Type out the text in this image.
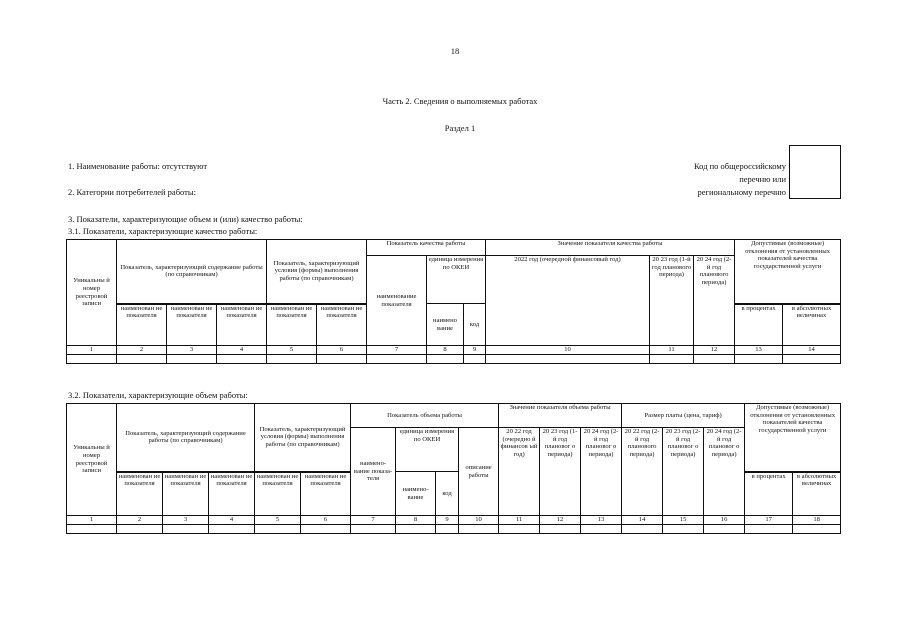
18
Часть 2. Сведения о выполняемых работах
Раздел 1
1. Наименование работы: отсутствуют
2. Категории потребителей работы:
Код по общероссийскому
перечню или
региональному перечню
3. Показатели, характеризующие объем и (или) качество работы:
3.1. Показатели, характеризующие качество работы:
Уникальны й номер реестровой записи	Показатель, характеризующий содержание работы (по справочникам)			Показатель, характеризующий условия (формы) выполнения работы (по справочникам)		Показатель качества работы			Значение показателя качества работы			Допустимые (возможные) отклонения от установленных показателей качества государственной услуги	
						наименование показателя	единица измерения по ОКЕИ		2022 год (очередной финансовый год)	20 23 год (1-й год планового периода)	20 24 год (2-й год планового периода)		
	наименован ие показателя	наименован ие показателя	наименован ие показателя	наименован ие показателя	наименован ие показателя		наимено вание	код				в процентах	в абсолютных величинах
1	2	3	4	5	6	7	8	9	10	11	12	13	14

3.2. Показатели, характеризующие объем работы:
Уникальны й номер реестровой записи	Показатель, характеризующий содержание работы (по справочникам)			Показатель, характеризующий условия (формы) выполнения работы (по справочникам)		Показатель объема работы				Значение показателя объема работы			Размер платы (цена, тариф)			Допустимые (возможные) отклонения от установленных показателей качества государственной услуги	
						наимено- вание показа- теля	единица измерения по ОКЕИ		описание работы	20 22 год (очередно й финансов ый год)	20 23 год (1-й год плановог о периода)	20 24 год (2-й год плановог о периода)	20 22 год (2-й год планового периода)	20 23 год (2-й год плановог о периода)	20 24 год (2-й год плановог о периода)		
	наименован ие показателя	наименован ие показателя	наименован ие показателя	наименован ие показателя	наименован ие показателя		наимено- вание	код								в процентах	в абсолютных величинах
1	2	3	4	5	6	7	8	9	10	11	12	13	14	15	16	17	18
